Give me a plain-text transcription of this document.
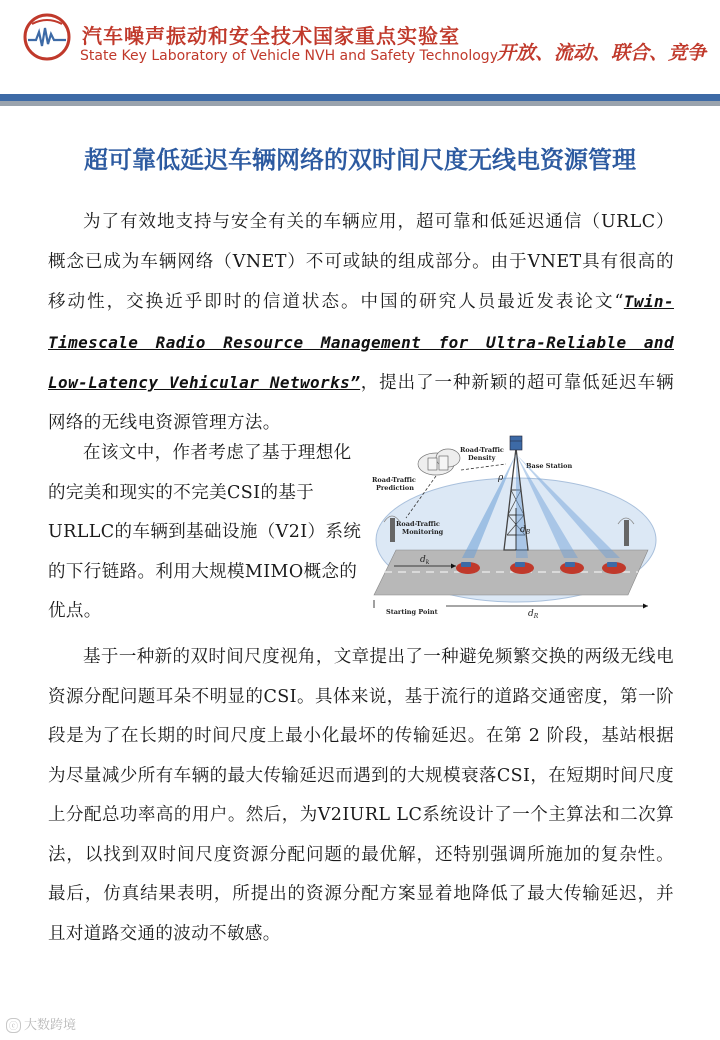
汽车噪声振动和安全技术国家重点实验室
State Key Laboratory of Vehicle NVH and Safety Technology 开放、流动、联合、竞争
超可靠低延迟车辆网络的双时间尺度无线电资源管理
为了有效地支持与安全有关的车辆应用，超可靠和低延迟通信（URLC）概念已成为车辆网络（VNET）不可或缺的组成部分。由于VNET具有很高的移动性，交换近乎即时的信道状态。中国的研究人员最近发表论文“Twin-Timescale Radio Resource Management for Ultra-Reliable and Low-Latency Vehicular Networks”，提出了一种新颖的超可靠低延迟车辆网络的无线电资源管理方法。
在该文中，作者考虑了基于理想化的完美和现实的不完美CSI的基于URLLC的车辆到基础设施（V2I）系统的下行链路。利用大规模MIMO概念的优点。
Road-Traffic
Density
Base Station
Road-Traffic
Prediction
Road-Traffic
Monitoring
ρ
$d_B$
$d_k$
Starting Point	$d_R$
基于一种新的双时间尺度视角，文章提出了一种避免频繁交换的两级无线电资源分配问题耳朵不明显的CSI。具体来说，基于流行的道路交通密度，第一阶段是为了在长期的时间尺度上最小化最坏的传输延迟。在第 2 阶段，基站根据为尽量减少所有车辆的最大传输延迟而遇到的大规模衰落CSI，在短期时间尺度上分配总功率高的用户。然后，为V2IURL LC系统设计了一个主算法和二次算法，以找到双时间尺度资源分配问题的最优解，还特别强调所施加的复杂性。最后，仿真结果表明，所提出的资源分配方案显着地降低了最大传输延迟，并且对道路交通的波动不敏感。
ⓒ 大数跨境
